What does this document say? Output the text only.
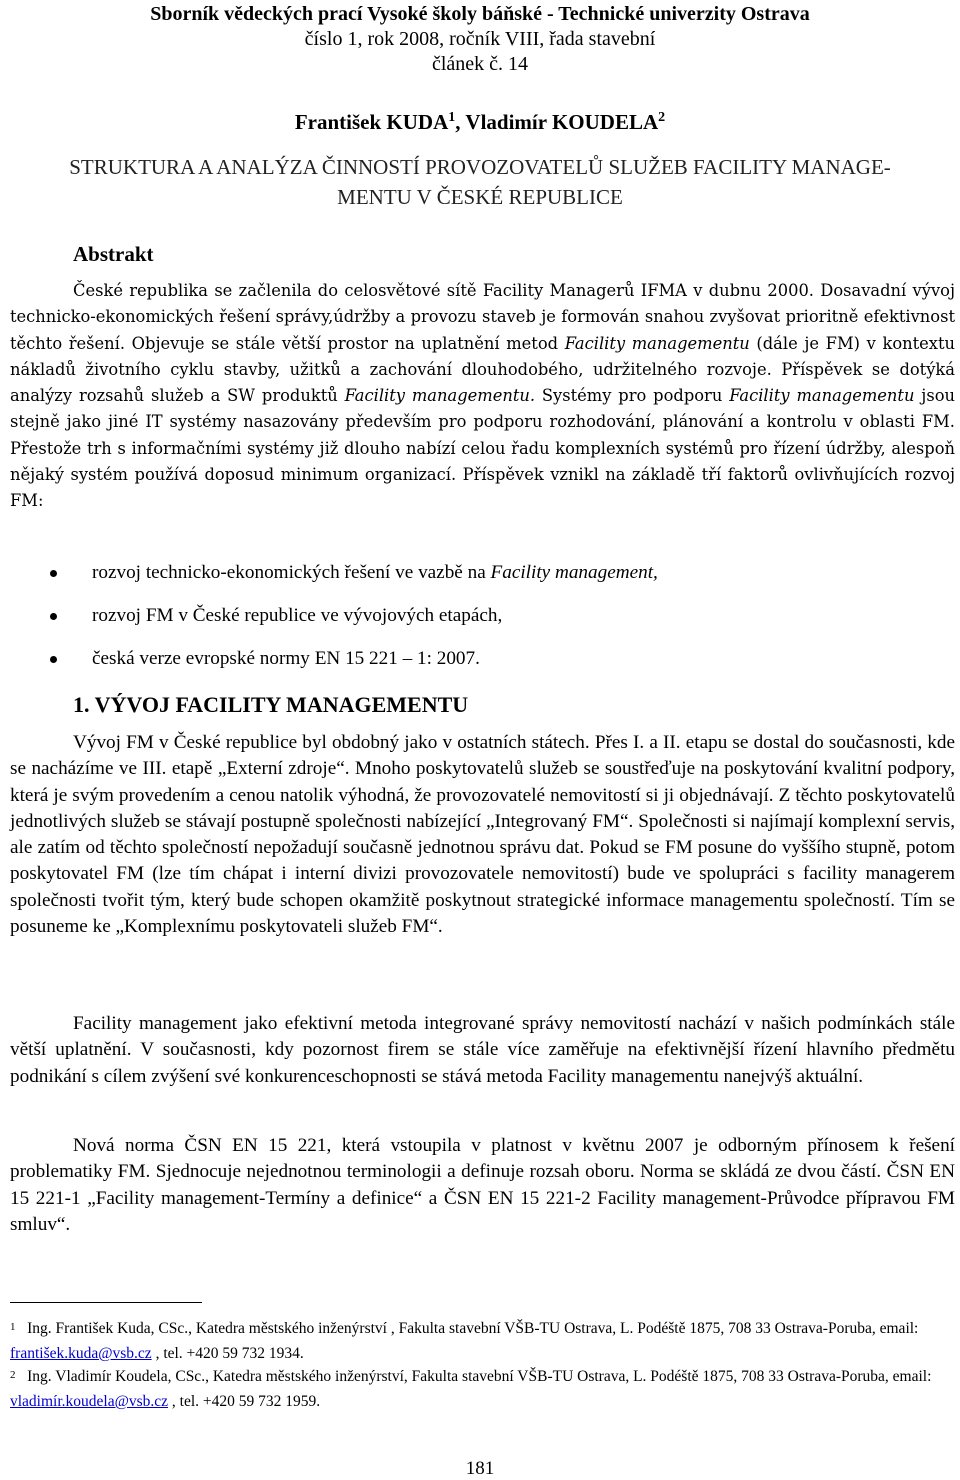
Sborník vědeckých prací Vysoké školy báňské - Technické univerzity Ostrava
číslo 1, rok 2008, ročník VIII, řada stavební
článek č. 14
František KUDA$^1$, Vladimír KOUDELA$^2$
STRUKTURA A ANALÝZA ČINNOSTÍ PROVOZOVATELŮ SLUŽEB FACILITY MANAGE-
MENTU V ČESKÉ REPUBLICE
Abstrakt

České republika se začlenila do celosvětové sítě Facility Managerů IFMA v dubnu 2000. Dosavadní vývoj technicko-ekonomických řešení správy,údržby a provozu staveb je formován snahou zvyšovat prioritně efektivnost těchto řešení. Objevuje se stále větší prostor na uplatnění metod Facility managementu (dále je FM) v kontextu nákladů životního cyklu stavby, užitků a zachování dlouhodobého, udržitelného rozvoje. Příspěvek se dotýká analýzy rozsahů služeb a SW produktů Facility managementu. Systémy pro podporu Facility managementu jsou stejně jako jiné IT systémy nasazovány především pro podporu rozhodování, plánování a kontrolu v oblasti FM. Přestože trh s informačními systémy již dlouho nabízí celou řadu komplexních systémů pro řízení údržby, alespoň nějaký systém používá doposud minimum organizací. Příspěvek vznikl na základě tří faktorů ovlivňujících rozvoj FM:

rozvoj technicko-ekonomických řešení ve vazbě na Facility management,
rozvoj FM v České republice ve vývojových etapách,
česká verze evropské normy EN 15 221 – 1: 2007.
1. VÝVOJ FACILITY MANAGEMENTU

Vývoj FM v České republice byl obdobný jako v ostatních státech. Přes I. a II. etapu se dostal do současnosti, kde se nacházíme ve III. etapě „Externí zdroje“. Mnoho poskytovatelů služeb se soustřeďuje na poskytování kvalitní podpory, která je svým provedením a cenou natolik výhodná, že provozovatelé nemovitostí si ji objednávají. Z těchto poskytovatelů jednotlivých služeb se stávají postupně společnosti nabízející „Integrovaný FM“. Společnosti si najímají komplexní servis, ale zatím od těchto společností nepožadují současně jednotnou správu dat. Pokud se FM posune do vyššího stupně, potom poskytovatel FM (lze tím chápat i interní divizi provozovatele nemovitostí) bude ve spolupráci s facility managerem společnosti tvořit tým, který bude schopen okamžitě poskytnout strategické informace managementu společností. Tím se posuneme ke „Komplexnímu poskytovateli služeb FM“.

Facility management jako efektivní metoda integrované správy nemovitostí nachází v našich podmínkách stále větší uplatnění. V současnosti, kdy pozornost firem se stále více zaměřuje na efektivnější řízení hlavního předmětu podnikání s cílem zvýšení své konkurenceschopnosti se stává metoda Facility managementu nanejvýš aktuální.

Nová norma ČSN EN 15 221, která vstoupila v platnost v květnu 2007 je odborným přínosem k řešení problematiky FM. Sjednocuje nejednotnou terminologii a definuje rozsah oboru. Norma se skládá ze dvou částí. ČSN EN 15 221-1 „Facility management-Termíny a definice“ a ČSN EN 15 221-2 Facility management-Průvodce přípravou FM smluv“.

$^1$ Ing. František Kuda, CSc., Katedra městského inženýrství , Fakulta stavební VŠB-TU Ostrava, L. Podéště 1875, 708 33 Ostrava-Poruba, email: františek.kuda@vsb.cz , tel. +420 59 732 1934.

$^2$ Ing. Vladimír Koudela, CSc., Katedra městského inženýrství, Fakulta stavební VŠB-TU Ostrava, L. Podéště 1875, 708 33 Ostrava-Poruba, email: vladimír.koudela@vsb.cz , tel. +420 59 732 1959.

181
